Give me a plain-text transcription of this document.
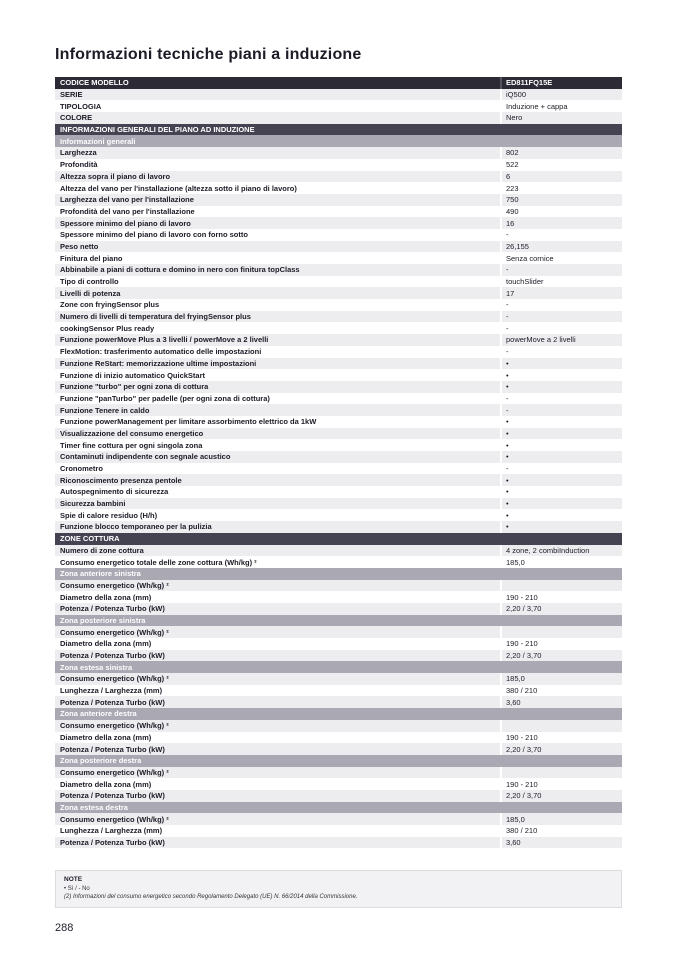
Informazioni tecniche piani a induzione
CODICE MODELLO	ED811FQ15E
SERIE	iQ500
TIPOLOGIA	Induzione + cappa
COLORE	Nero
INFORMAZIONI GENERALI DEL PIANO AD INDUZIONE
Informazioni generali
Larghezza	802
Profondità	522
Altezza sopra il piano di lavoro	6
Altezza del vano per l'installazione (altezza sotto il piano di lavoro)	223
Larghezza del vano per l'installazione	750
Profondità del vano per l'installazione	490
Spessore minimo del piano di lavoro	16
Spessore minimo del piano di lavoro con forno sotto	-
Peso netto	26,155
Finitura del piano	Senza cornice
Abbinabile a piani di cottura e domino in nero con finitura topClass	-
Tipo di controllo	touchSlider
Livelli di potenza	17
Zone con fryingSensor plus	-
Numero di livelli di temperatura del fryingSensor plus	-
cookingSensor Plus ready	-
Funzione powerMove Plus a 3 livelli / powerMove a 2 livelli	powerMove a 2 livelli
FlexMotion: trasferimento automatico delle impostazioni	-
Funzione ReStart: memorizzazione ultime impostazioni	•
Funzione di inizio automatico QuickStart	•
Funzione "turbo" per ogni zona di cottura	•
Funzione "panTurbo" per padelle (per ogni zona di cottura)	-
Funzione Tenere in caldo	-
Funzione powerManagement per limitare assorbimento elettrico da 1kW	•
Visualizzazione del consumo energetico	•
Timer fine cottura per ogni singola zona	•
Contaminuti indipendente con segnale acustico	•
Cronometro	-
Riconoscimento presenza pentole	•
Autospegnimento di sicurezza	•
Sicurezza bambini	•
Spie di calore residuo (H/h)	•
Funzione blocco temporaneo per la pulizia	•
ZONE COTTURA
Numero di zone cottura	4 zone, 2 combiInduction
Consumo energetico totale delle zone cottura (Wh/kg) ²	185,0
Zona anteriore sinistra
Consumo energetico (Wh/kg) ²
Diametro della zona (mm)	190 - 210
Potenza / Potenza Turbo (kW)	2,20 / 3,70
Zona posteriore sinistra
Consumo energetico (Wh/kg) ²
Diametro della zona (mm)	190 - 210
Potenza / Potenza Turbo (kW)	2,20 / 3,70
Zona estesa sinistra
Consumo energetico (Wh/kg) ²	185,0
Lunghezza / Larghezza (mm)	380 / 210
Potenza / Potenza Turbo (kW)	3,60
Zona anteriore destra
Consumo energetico (Wh/kg) ²
Diametro della zona (mm)	190 - 210
Potenza / Potenza Turbo (kW)	2,20 / 3,70
Zona posteriore destra
Consumo energetico (Wh/kg) ²
Diametro della zona (mm)	190 - 210
Potenza / Potenza Turbo (kW)	2,20 / 3,70
Zona estesa destra
Consumo energetico (Wh/kg) ²	185,0
Lunghezza / Larghezza (mm)	380 / 210
Potenza / Potenza Turbo (kW)	3,60
NOTE
• Sì / - No
(2) Informazioni del consumo energetico secondo Regolamento Delegato (UE) N. 66/2014 della Commissione.
288
